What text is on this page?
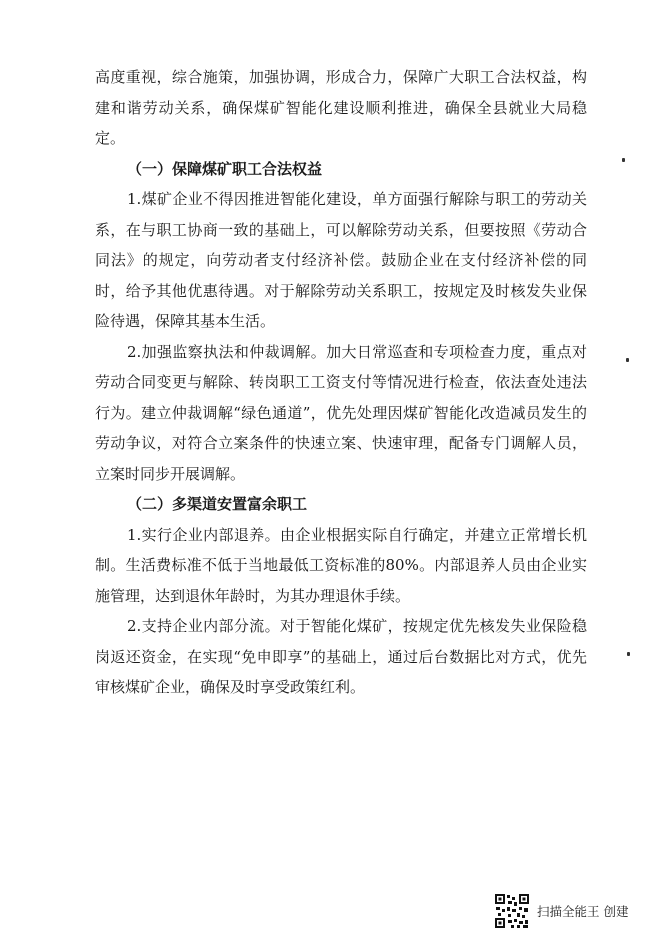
高度重视，综合施策，加强协调，形成合力，保障广大职工合法权益，构建和谐劳动关系，确保煤矿智能化建设顺利推进，确保全县就业大局稳定。

（一）保障煤矿职工合法权益

1.煤矿企业不得因推进智能化建设，单方面强行解除与职工的劳动关系，在与职工协商一致的基础上，可以解除劳动关系，但要按照《劳动合同法》的规定，向劳动者支付经济补偿。鼓励企业在支付经济补偿的同时，给予其他优惠待遇。对于解除劳动关系职工，按规定及时核发失业保险待遇，保障其基本生活。

2.加强监察执法和仲裁调解。加大日常巡查和专项检查力度，重点对劳动合同变更与解除、转岗职工工资支付等情况进行检查，依法查处违法行为。建立仲裁调解“绿色通道”，优先处理因煤矿智能化改造减员发生的劳动争议，对符合立案条件的快速立案、快速审理，配备专门调解人员，立案时同步开展调解。

（二）多渠道安置富余职工

1.实行企业内部退养。由企业根据实际自行确定，并建立正常增长机制。生活费标准不低于当地最低工资标准的80%。内部退养人员由企业实施管理，达到退休年龄时，为其办理退休手续。

2.支持企业内部分流。对于智能化煤矿，按规定优先核发失业保险稳岗返还资金，在实现“免申即享”的基础上，通过后台数据比对方式，优先审核煤矿企业，确保及时享受政策红利。

扫描全能王 创建
